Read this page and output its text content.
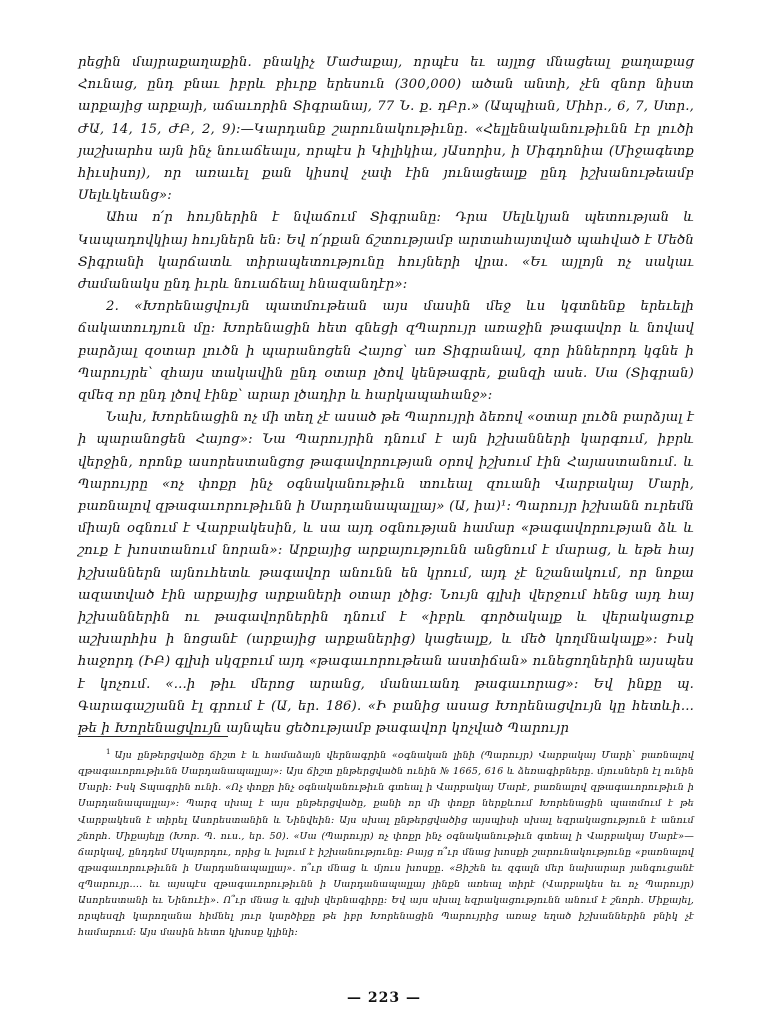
րեցին մայրաքաղաքին. բնակիչ Մաժաքայ, որպէս եւ այլոց մնացեալ քաղաքաց Հունաց, ընդ բնաւ իբրև բիւրք երեսուն (300,000) ածան անտի, չէն զնոր նիստ արքայից արքայի, աճաւորին Տիգրանայ, 77 Ն. ք. դԲր.» (Ապպիան, Միհր., 6, 7, Ստր., ԺԱ, 14, 15, ԺԲ, 2, 9)։—Կարդանք շարունակութիւնը. «Հելլենականութիւնն էր լուծի յաշխարհս այն ինչ նուաճեալս, որպէս ի Կիլիկիա, յԱսորիս, ի Միգդոնիա (Միջագետք հիւսիսոյ), որ առաւել քան կիսով չափ էին յունացեալք ընդ իշխանութեամբ Սելևկեանց»։

Ահա ո՛ր հույներին է նվաճում Տիգրանը։ Դրա Սելևկյան պետության և Կապադովկիայ հույներն են։ Եվ ո՛րքան ճշտությամբ արտահայտված պահված է Մեծն Տիգրանի կարճատև տիրապետությունը հույների վրա. «Եւ այլոյն ոչ սակաւ ժամանակս ընդ իւրև նուաճեալ հնազանդէր»։

2. «Խորենացվույն պատմութեան այս մասին մեջ ևս կգտնենք երեւելի ճակատուդյուն մը։ Խորենացին հետ գնեցի զՊարույր առաջին թագավոր և նովավ բարձյալ զօտար լուծն ի պարանոցեն Հայոց՝ առ Տիգրանավ, զոր իններորդ կգնե ի Պարույրե՝ զհայս տակավին ընդ օտար լծով կենթագրե, քանզի ասե. Սա (Տիգրան) զմեզ որ ընդ լծով էինք՝ արար լծադիր և հարկապահանջ»։

Նախ, Խորենացին ոչ մի տեղ չէ ասած թե Պարույրի ձեռով «օտար լուծն բարձյալ է ի պարանոցեն Հայոց»։ Նա Պարույրին դնում է այն իշխանների կարգում, իբրև վերջին, որոնք ասորեստանցոց թագավորության օրով իշխում էին Հայաստանում. և Պարույրը «ոչ փոքր ինչ օգնականութիւն տուեալ զուանի Վարբակայ Մարի, բառնալով զթագաւորութիւնն ի Սարդանապալլայ» (Ա, իա)¹։ Պարույր իշխանն ուրեմն միայն օգնում է Վարբակեսին, և սա այդ օգնության համար «թագավորության ձև և շուք է խոստանում նորան»։ Արքայից արքայությունն անցնում է մարաց, և եթե հայ իշխաններն այնուհետև թագավոր անունն են կրում, այդ չէ նշանակում, որ նոքա ազատված էին արքայից արքաների օտար լծից։ Նույն գլխի վերջում հենց այդ հայ իշխաններին ու թագավորներին դնում է «իբրև գործակալք և վերակացուք աշխարհիս ի նոցանէ (արքայից արքաներից) կացեալք, և մեծ կողմնակալք»։ Իսկ հաջորդ (ԻԲ) գլխի սկզբում այդ «թագաւորութեան աստիճան» ունեցողներին այսպես է կոչում. «...ի թիւ մերոց արանց, մանաւանդ թագաւորաց»։ Եվ ինքը պ. Գարագաշյանն էլ գրում է (Ա, եր. 186). «Ի բանից ասաց Խորենացվույն կը հետևի... թե ի Խորենացվույն այնպես ցեծությամբ թագավոր կոչված Պարույր

$^1$ Այս ընթերցվածը ճիշտ է և համաձայն վերնագրին «օգնական լինի (Պարույր) Վարբակայ Մարի՝ բառնալով զթագաւորութիւնն Սարդանապալլայ»։ Այս ճիշտ ընթերցվածն ունին № 1665, 616 և ձեռագիրները. մյուսներն էլ ունին Մարի։ Իսկ Տպագրին ունի. «Ոչ փոքր ինչ օգնականութիւն գտեալ ի Վարբակայ Մարէ, բառնալով զթագաւորութիւն ի Սարդանապալլայ»։ Պարզ սխալ է այս ընթերցվածը, քանի որ մի փոքր ներքևում Խորենացին պատմում է թե Վարբակեսն է տիրել Ասորեստանին և Նինվեին։ Այս սխալ ընթերցվածից այսպիսի սխալ եզրակացություն է անում շնորհ. Միքայելը (Խոր. Պ. ուս., եր. 50). «Սա (Պարույր) ոչ փոքր ինչ օգնականութիւն գտեալ ի Վարբակայ Մարէ»—ճարկավ, ընդդեմ Սկայորդու, որից և խլում է իշխանությունը։ Բայց ո՞ւր մնաց խոսքի շարունակությունը «բառնալով զթագաւորութիւնն ի Սարդանապալլայ». ո՞ւր մնաց և մյուս խոսքը. «Յիշեն եւ զգալն մեր նախարար յանգուցանէ զՊարույր.... եւ այսպէս զթագաւորութիւնն ի Սարդանապալլայ յինքն առեալ տիրէ (Վարբակես եւ ոչ Պարույր) Ասորեստանի եւ Նինուէի». Ո՞ւր մնաց և գլխի վերնագիրը։ Եվ այս սխալ եզրակացությունն անում է շնորհ. Միքայել, որպեսզի կարողանա հիմնել յուր կարծիքը թե իբր Խորենացին Պարույրից առաջ եղած իշխաններին բնիկ չէ համարում։ Այս մասին հետո կխոսք կլինի։

— 223 —
